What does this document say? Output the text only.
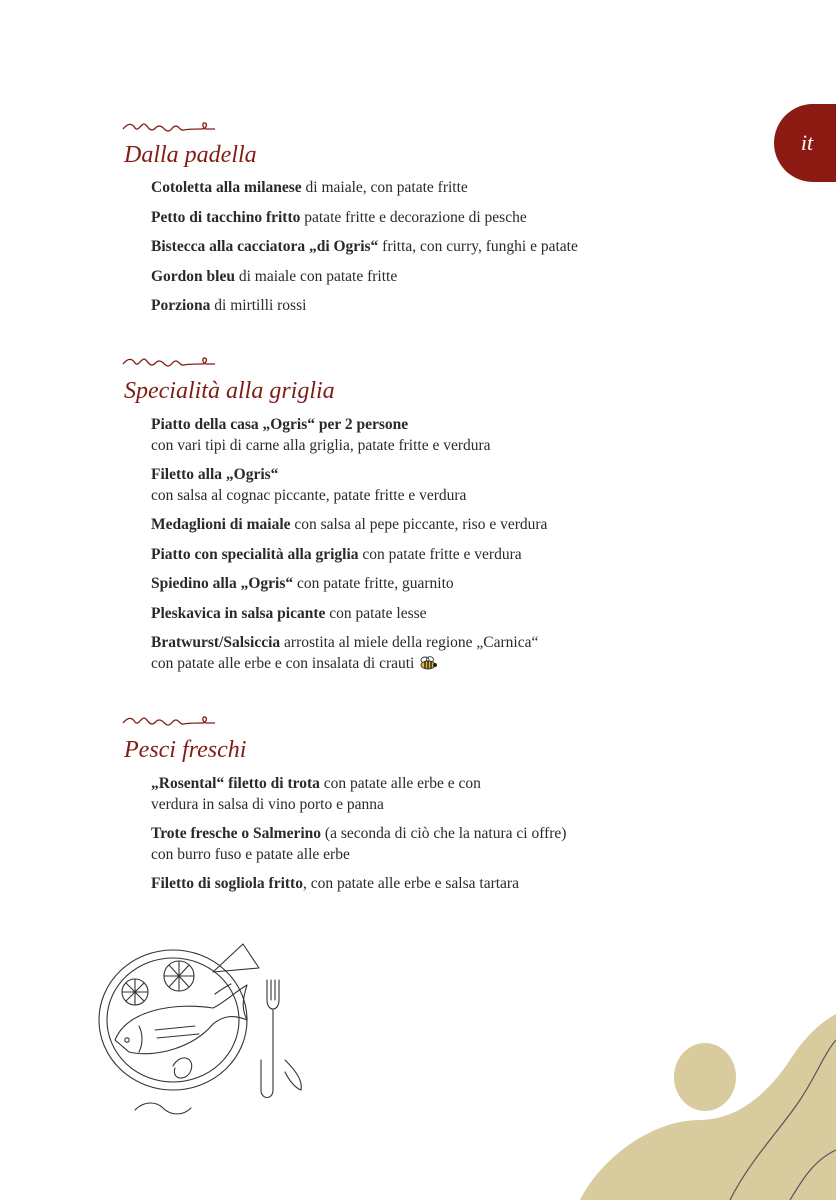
it
Dalla padella

Cotoletta alla milanese di maiale, con patate fritte

Petto di tacchino fritto patate fritte e decorazione di pesche

Bistecca alla cacciatora „di Ogris“ fritta, con curry, funghi e patate

Gordon bleu di maiale con patate fritte

Porziona di mirtilli rossi

Specialità alla griglia

Piatto della casa „Ogris“ per 2 persone
con vari tipi di carne alla griglia, patate fritte e verdura

Filetto alla „Ogris“
con salsa al cognac piccante, patate fritte e verdura

Medaglioni di maiale con salsa al pepe piccante, riso e verdura

Piatto con specialità alla griglia con patate fritte e verdura

Spiedino alla „Ogris“ con patate fritte, guarnito

Pleskavica in salsa picante con patate lesse

Bratwurst/Salsiccia arrostita al miele della regione „Carnica“
con patate alle erbe e con insalata di crauti

Pesci freschi

„Rosental“ filetto di trota con patate alle erbe e con
verdura in salsa di vino porto e panna

Trote fresche o Salmerino (a seconda di ciò che la natura ci offre)
con burro fuso e patate alle erbe

Filetto di sogliola fritto, con patate alle erbe e salsa tartara
